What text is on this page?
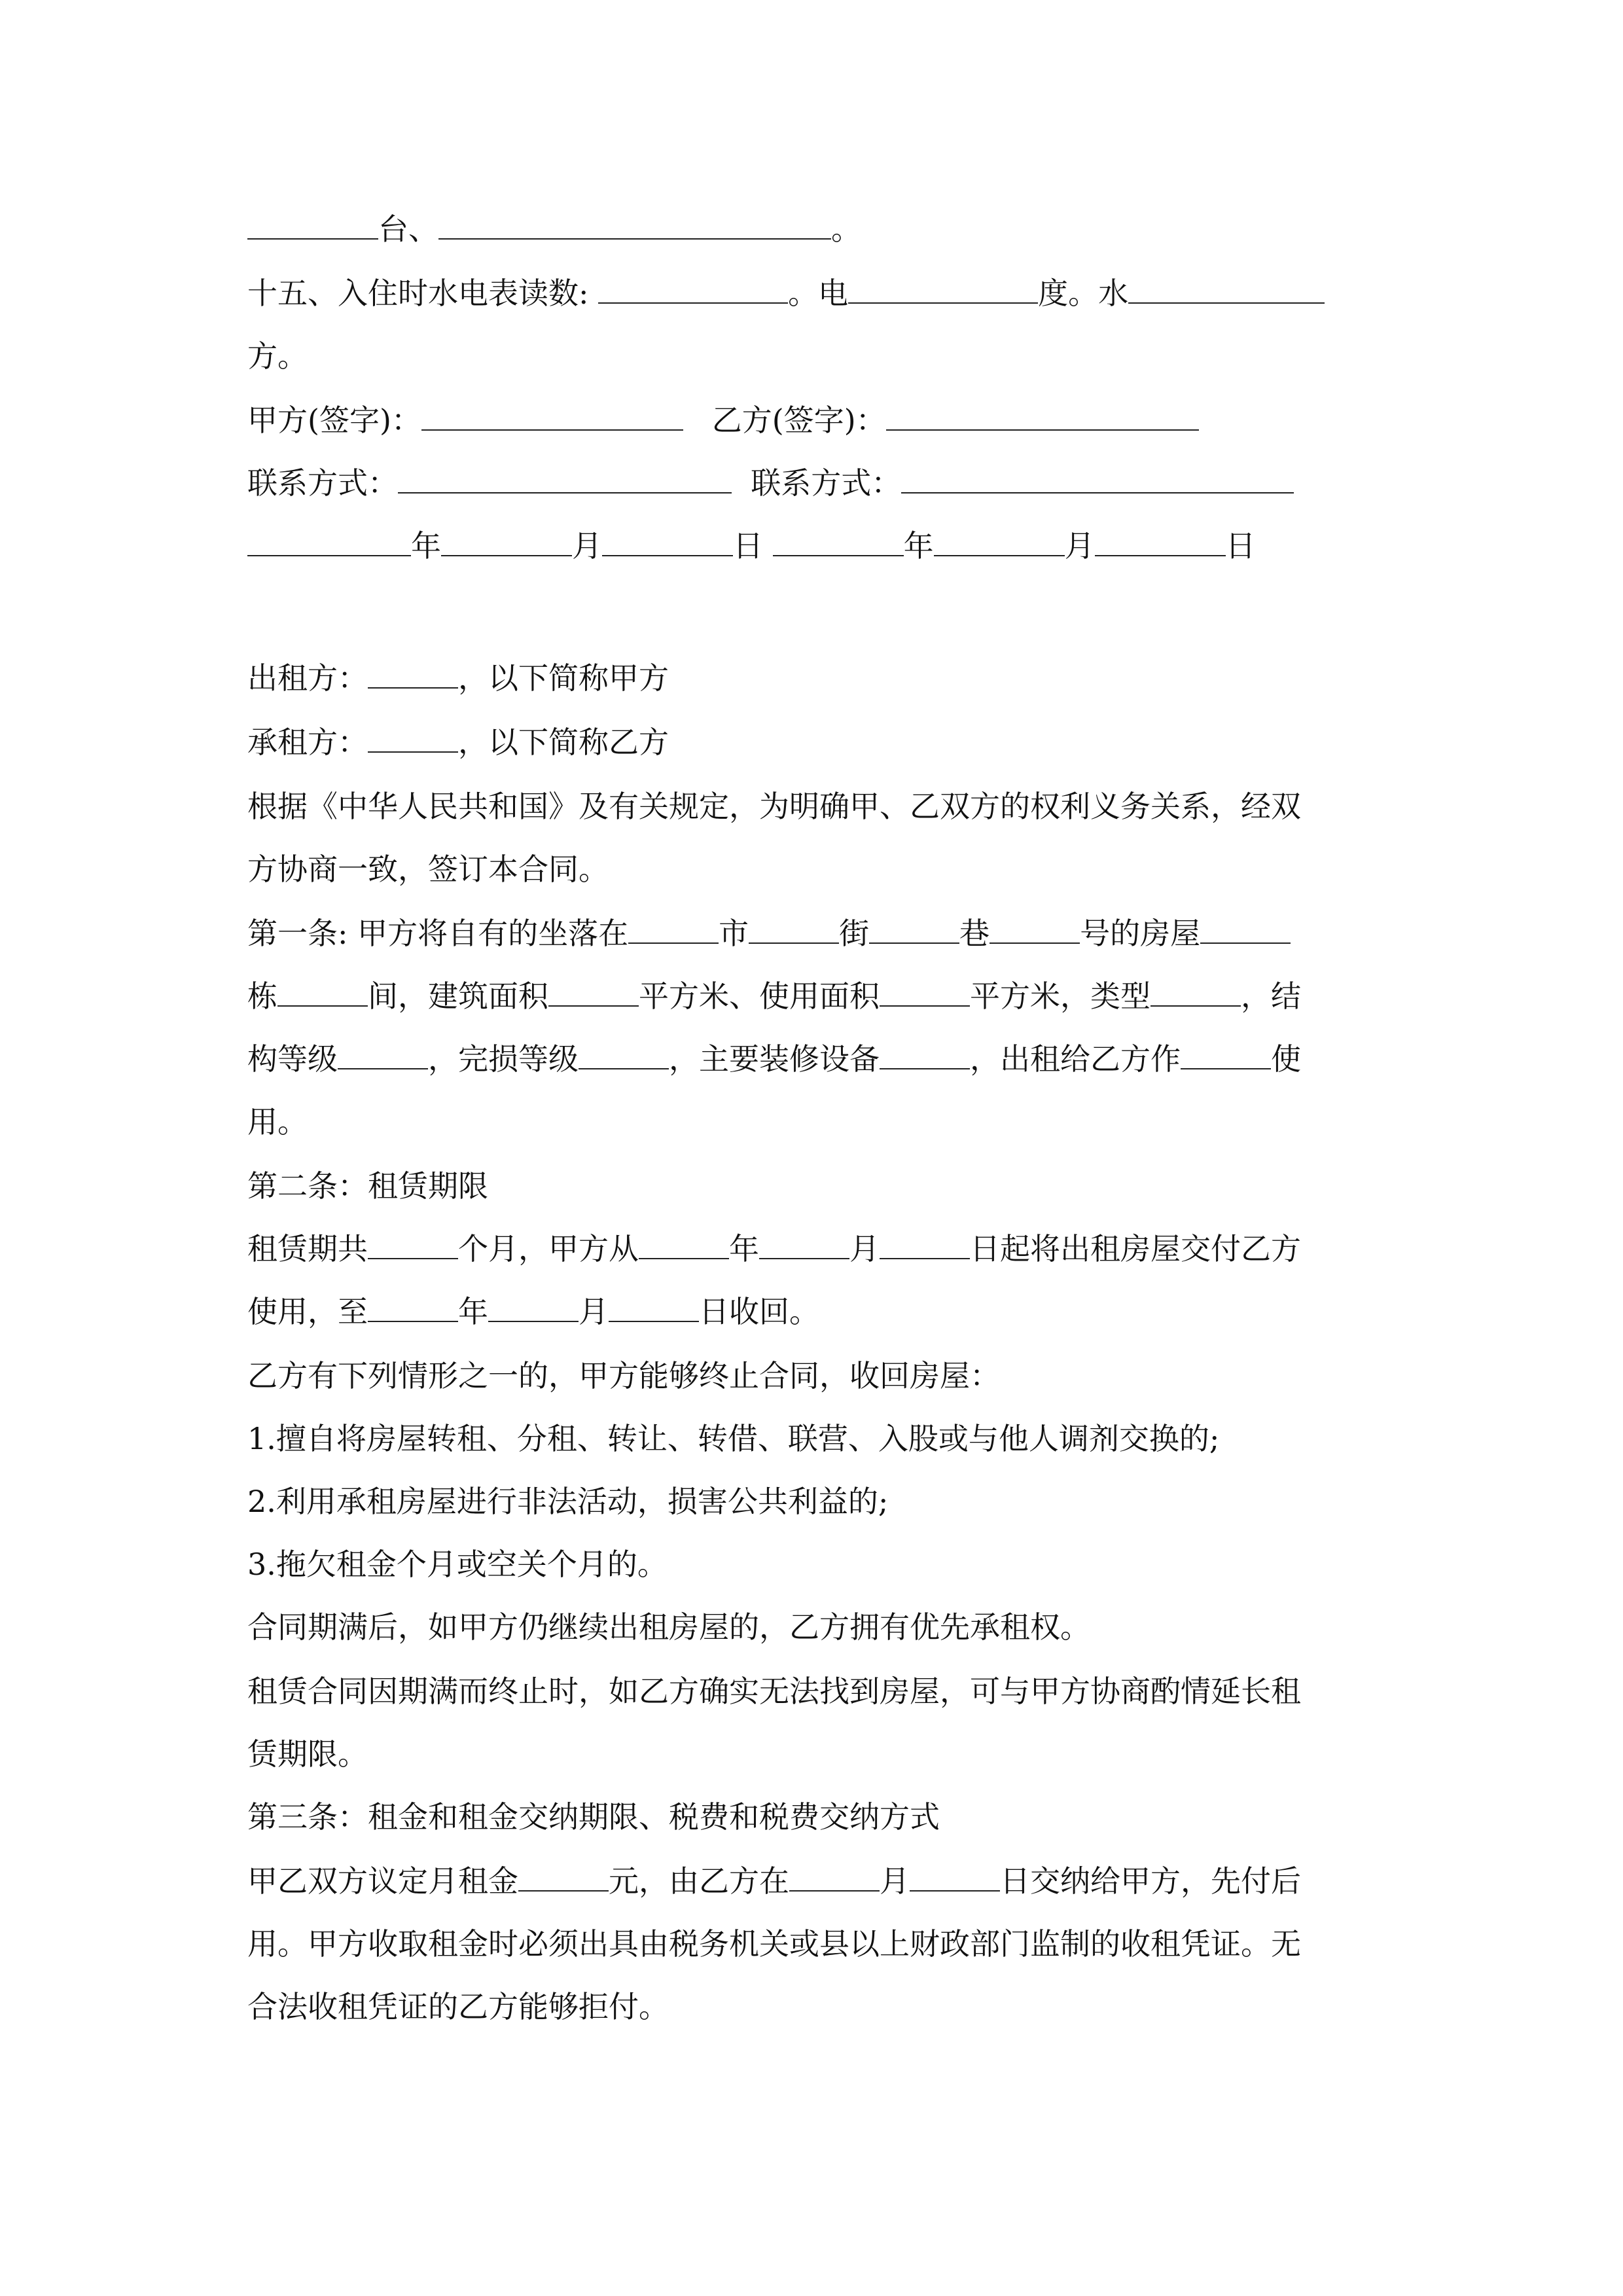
台、	。
十五、入住时水电表读数:	。电	度。水
方。
甲方(签字)：	乙方(签字)：
联系方式：	联系方式：
年	月	日	年	月	日
出租方：	，以下简称甲方
承租方：	，以下简称乙方
根据《中华人民共和国》及有关规定，为明确甲、乙双方的权利义务关系，经双
方协商一致，签订本合同。
第一条: 甲方将自有的坐落在	市	街	巷	号的房屋
栋	间，建筑面积	平方米、使用面积	平方米，类型	，结
构等级	，完损等级	，主要装修设备	，出租给乙方作	使
用。
第二条：租赁期限
租赁期共	个月，甲方从	年	月	日起将出租房屋交付乙方
使用，至	年	月	日收回。
乙方有下列情形之一的，甲方能够终止合同，收回房屋：
1.擅自将房屋转租、分租、转让、转借、联营、入股或与他人调剂交换的;
2.利用承租房屋进行非法活动，损害公共利益的;
3.拖欠租金个月或空关个月的。
合同期满后，如甲方仍继续出租房屋的，乙方拥有优先承租权。
租赁合同因期满而终止时，如乙方确实无法找到房屋，可与甲方协商酌情延长租
赁期限。
第三条：租金和租金交纳期限、税费和税费交纳方式
甲乙双方议定月租金	元，由乙方在	月	日交纳给甲方，先付后
用。甲方收取租金时必须出具由税务机关或县以上财政部门监制的收租凭证。无
合法收租凭证的乙方能够拒付。
